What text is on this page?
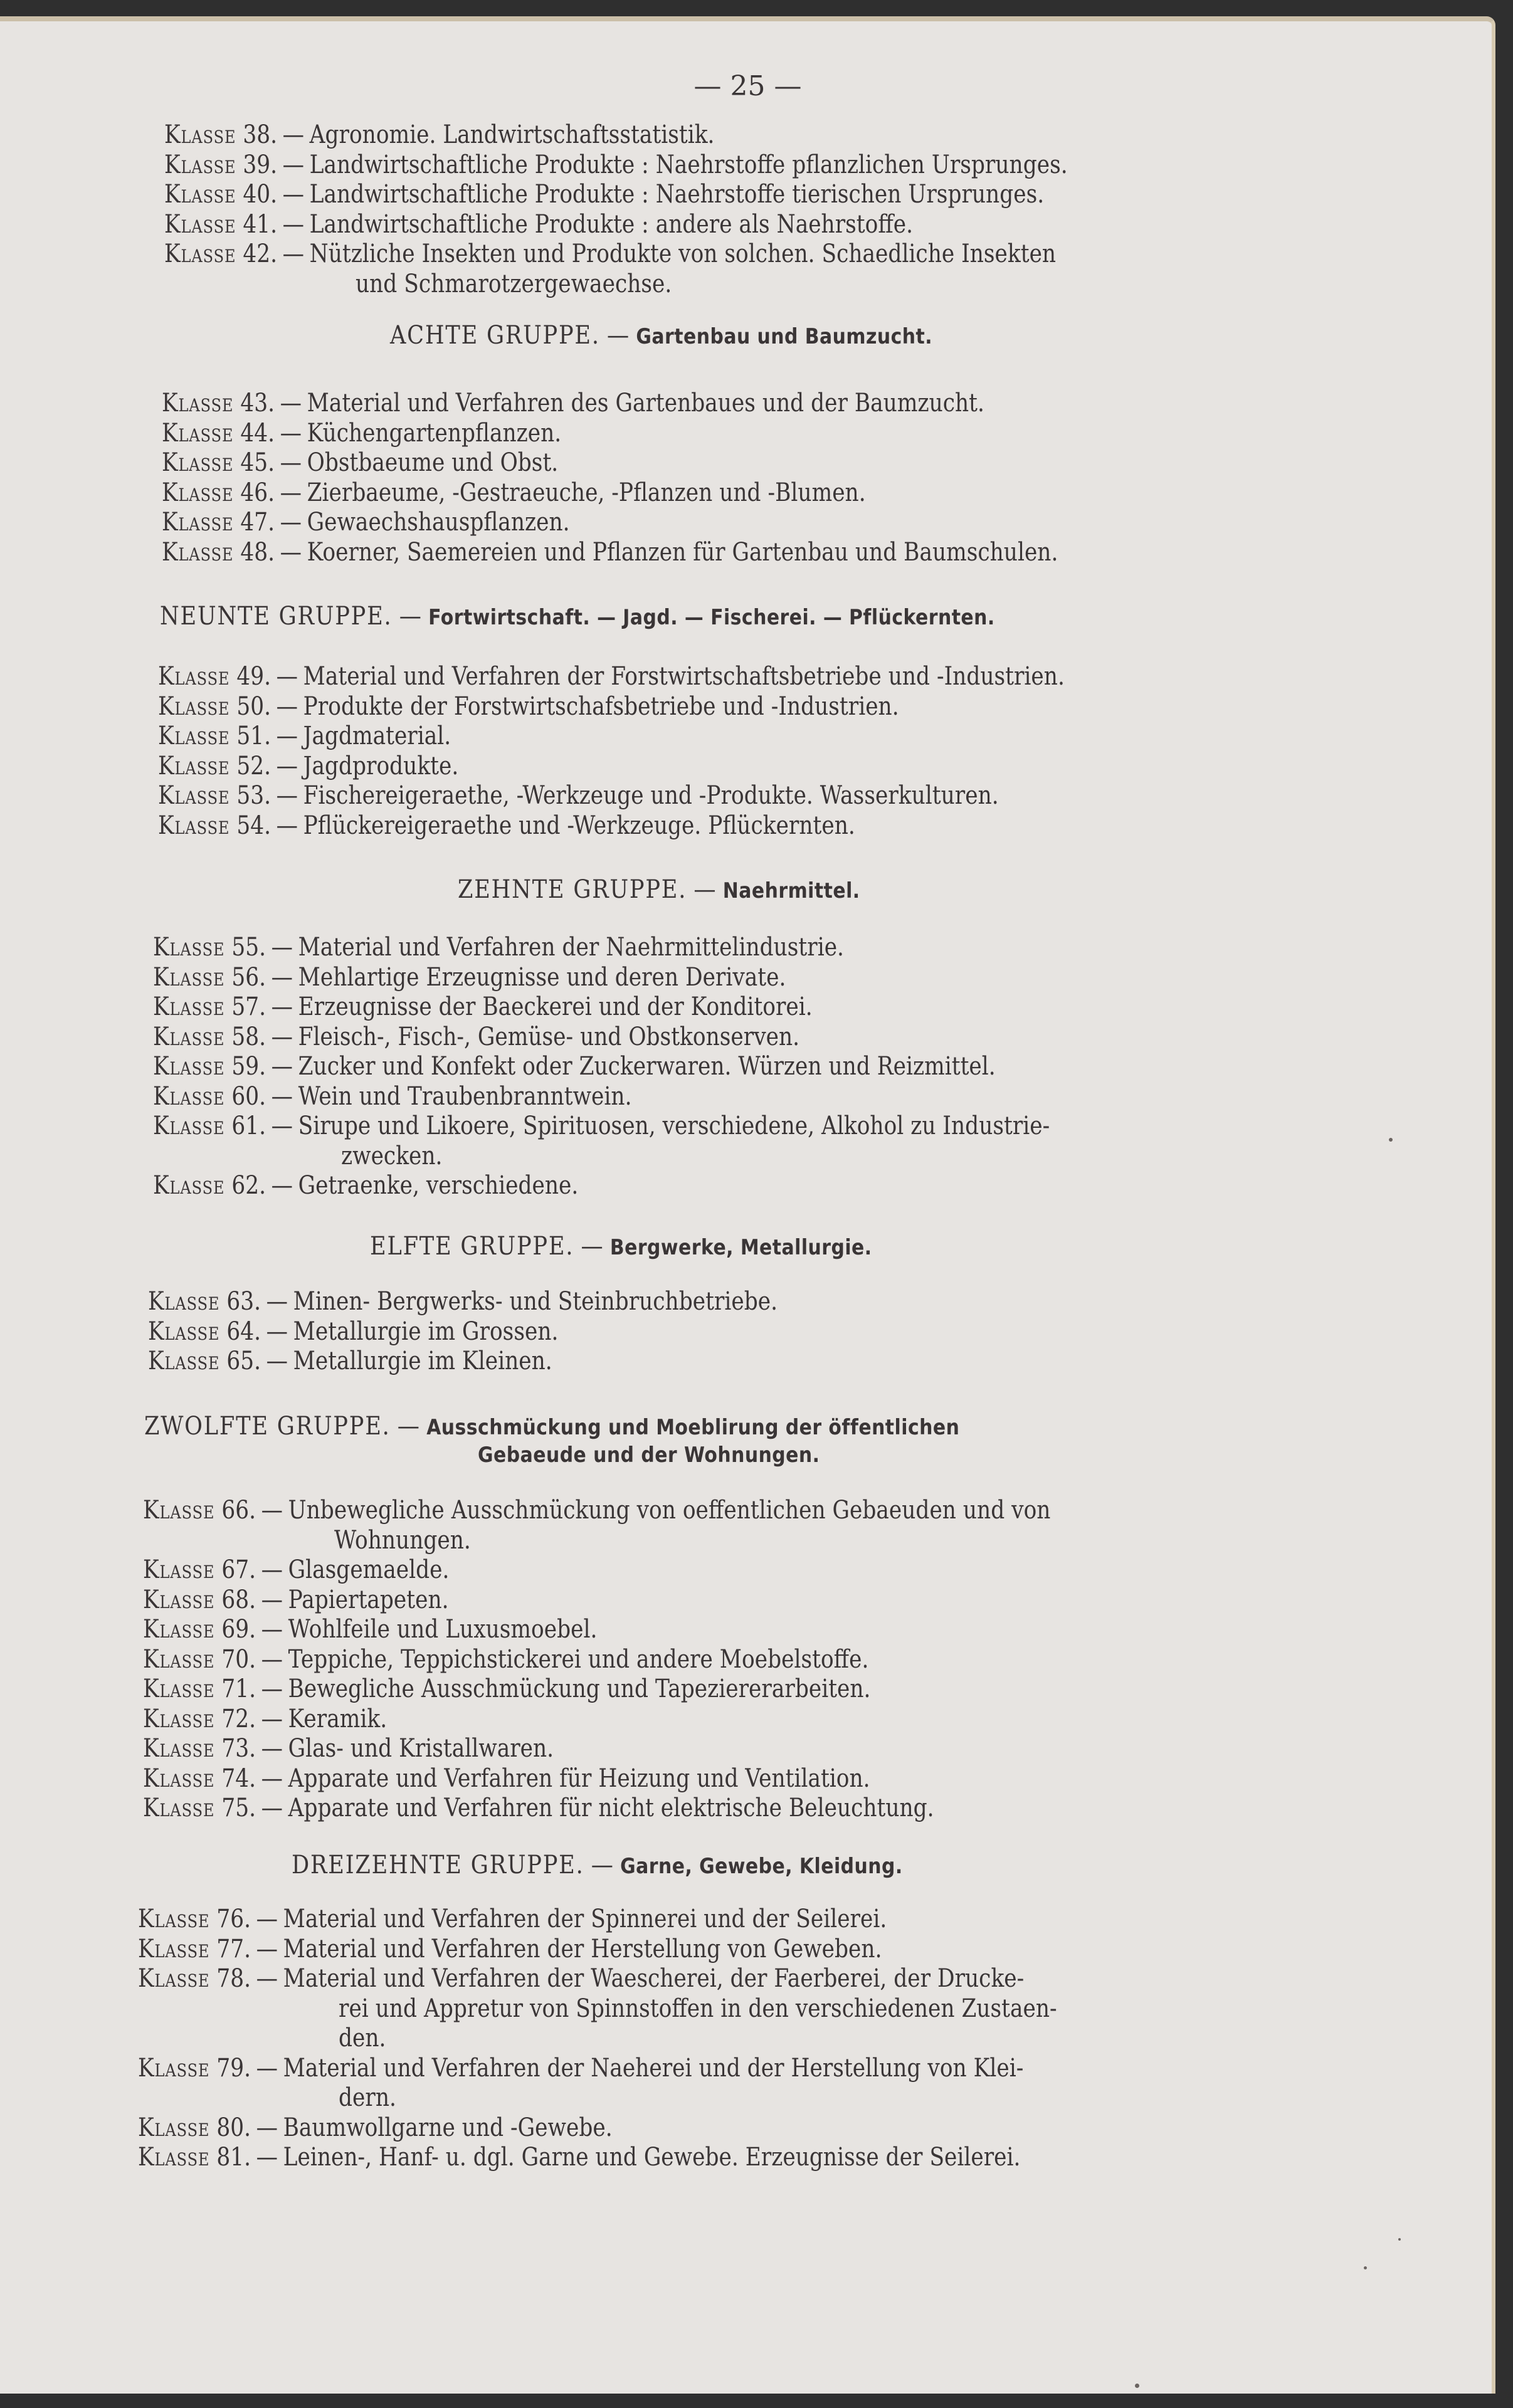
— 25 —
Klasse 38. — Agronomie. Landwirtschaftsstatistik.
Klasse 39. — Landwirtschaftliche Produkte : Naehrstoffe pflanzlichen Ursprunges.
Klasse 40. — Landwirtschaftliche Produkte : Naehrstoffe tierischen Ursprunges.
Klasse 41. — Landwirtschaftliche Produkte : andere als Naehrstoffe.
Klasse 42. — Nützliche Insekten und Produkte von solchen. Schaedliche Insekten
und Schmarotzergewaechse.
ACHTE GRUPPE. — Gartenbau und Baumzucht.
Klasse 43. — Material und Verfahren des Gartenbaues und der Baumzucht.
Klasse 44. — Küchengartenpflanzen.
Klasse 45. — Obstbaeume und Obst.
Klasse 46. — Zierbaeume, -Gestraeuche, -Pflanzen und -Blumen.
Klasse 47. — Gewaechshauspflanzen.
Klasse 48. — Koerner, Saemereien und Pflanzen für Gartenbau und Baumschulen.
NEUNTE GRUPPE. — Fortwirtschaft. — Jagd. — Fischerei. — Pflückernten.
Klasse 49. — Material und Verfahren der Forstwirtschaftsbetriebe und -Industrien.
Klasse 50. — Produkte der Forstwirtschafsbetriebe und -Industrien.
Klasse 51. — Jagdmaterial.
Klasse 52. — Jagdprodukte.
Klasse 53. — Fischereigeraethe, -Werkzeuge und -Produkte. Wasserkulturen.
Klasse 54. — Pflückereigeraethe und -Werkzeuge. Pflückernten.
ZEHNTE GRUPPE. — Naehrmittel.
Klasse 55. — Material und Verfahren der Naehrmittelindustrie.
Klasse 56. — Mehlartige Erzeugnisse und deren Derivate.
Klasse 57. — Erzeugnisse der Baeckerei und der Konditorei.
Klasse 58. — Fleisch-, Fisch-, Gemüse- und Obstkonserven.
Klasse 59. — Zucker und Konfekt oder Zuckerwaren. Würzen und Reizmittel.
Klasse 60. — Wein und Traubenbranntwein.
Klasse 61. — Sirupe und Likoere, Spirituosen, verschiedene, Alkohol zu Industrie-
zwecken.
Klasse 62. — Getraenke, verschiedene.
ELFTE GRUPPE. — Bergwerke, Metallurgie.
Klasse 63. — Minen- Bergwerks- und Steinbruchbetriebe.
Klasse 64. — Metallurgie im Grossen.
Klasse 65. — Metallurgie im Kleinen.
ZWOLFTE GRUPPE. — Ausschmückung und Moeblirung der öffentlichen
Gebaeude und der Wohnungen.
Klasse 66. — Unbewegliche Ausschmückung von oeffentlichen Gebaeuden und von
Wohnungen.
Klasse 67. — Glasgemaelde.
Klasse 68. — Papiertapeten.
Klasse 69. — Wohlfeile und Luxusmoebel.
Klasse 70. — Teppiche, Teppichstickerei und andere Moebelstoffe.
Klasse 71. — Bewegliche Ausschmückung und Tapeziererarbeiten.
Klasse 72. — Keramik.
Klasse 73. — Glas- und Kristallwaren.
Klasse 74. — Apparate und Verfahren für Heizung und Ventilation.
Klasse 75. — Apparate und Verfahren für nicht elektrische Beleuchtung.
DREIZEHNTE GRUPPE. — Garne, Gewebe, Kleidung.
Klasse 76. — Material und Verfahren der Spinnerei und der Seilerei.
Klasse 77. — Material und Verfahren der Herstellung von Geweben.
Klasse 78. — Material und Verfahren der Waescherei, der Faerberei, der Drucke-
rei und Appretur von Spinnstoffen in den verschiedenen Zustaen-
den.
Klasse 79. — Material und Verfahren der Naeherei und der Herstellung von Klei-
dern.
Klasse 80. — Baumwollgarne und -Gewebe.
Klasse 81. — Leinen-, Hanf- u. dgl. Garne und Gewebe. Erzeugnisse der Seilerei.
